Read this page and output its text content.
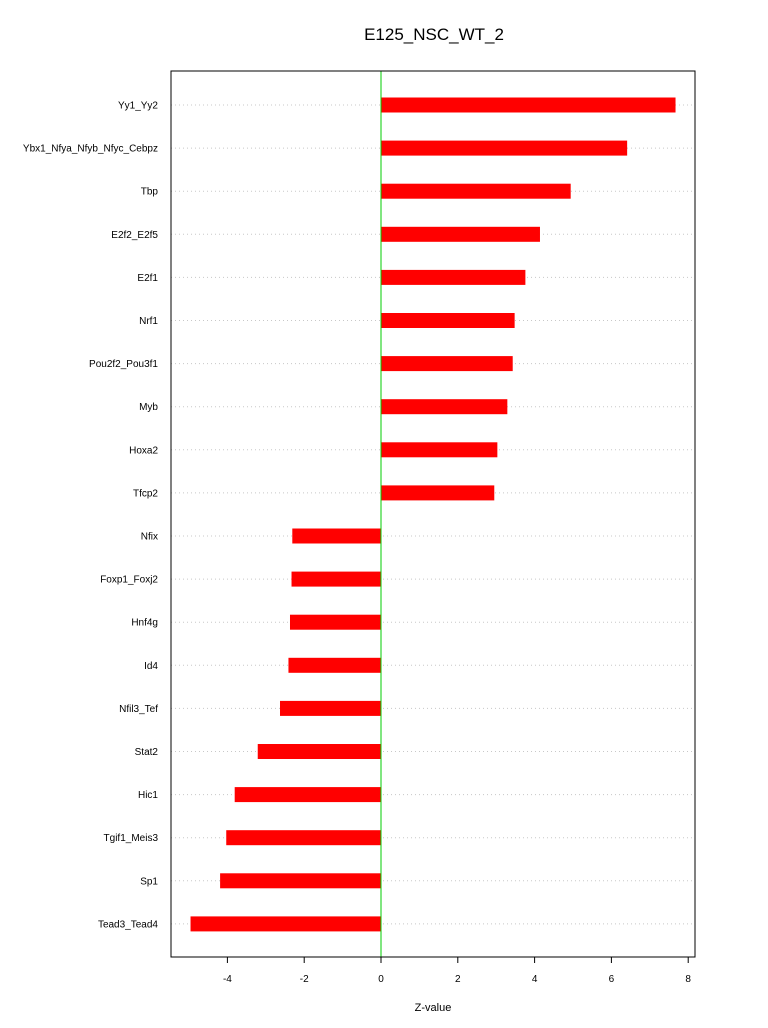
E125_NSC_WT_2
Yy1_Yy2
Ybx1_Nfya_Nfyb_Nfyc_Cebpz
Tbp
E2f2_E2f5
E2f1
Nrf1
Pou2f2_Pou3f1
Myb
Hoxa2
Tfcp2
Nfix
Foxp1_Foxj2
Hnf4g
Id4
Nfil3_Tef
Stat2
Hic1
Tgif1_Meis3
Sp1
Tead3_Tead4
-4	-2	0	2	4	6	8
Z-value
